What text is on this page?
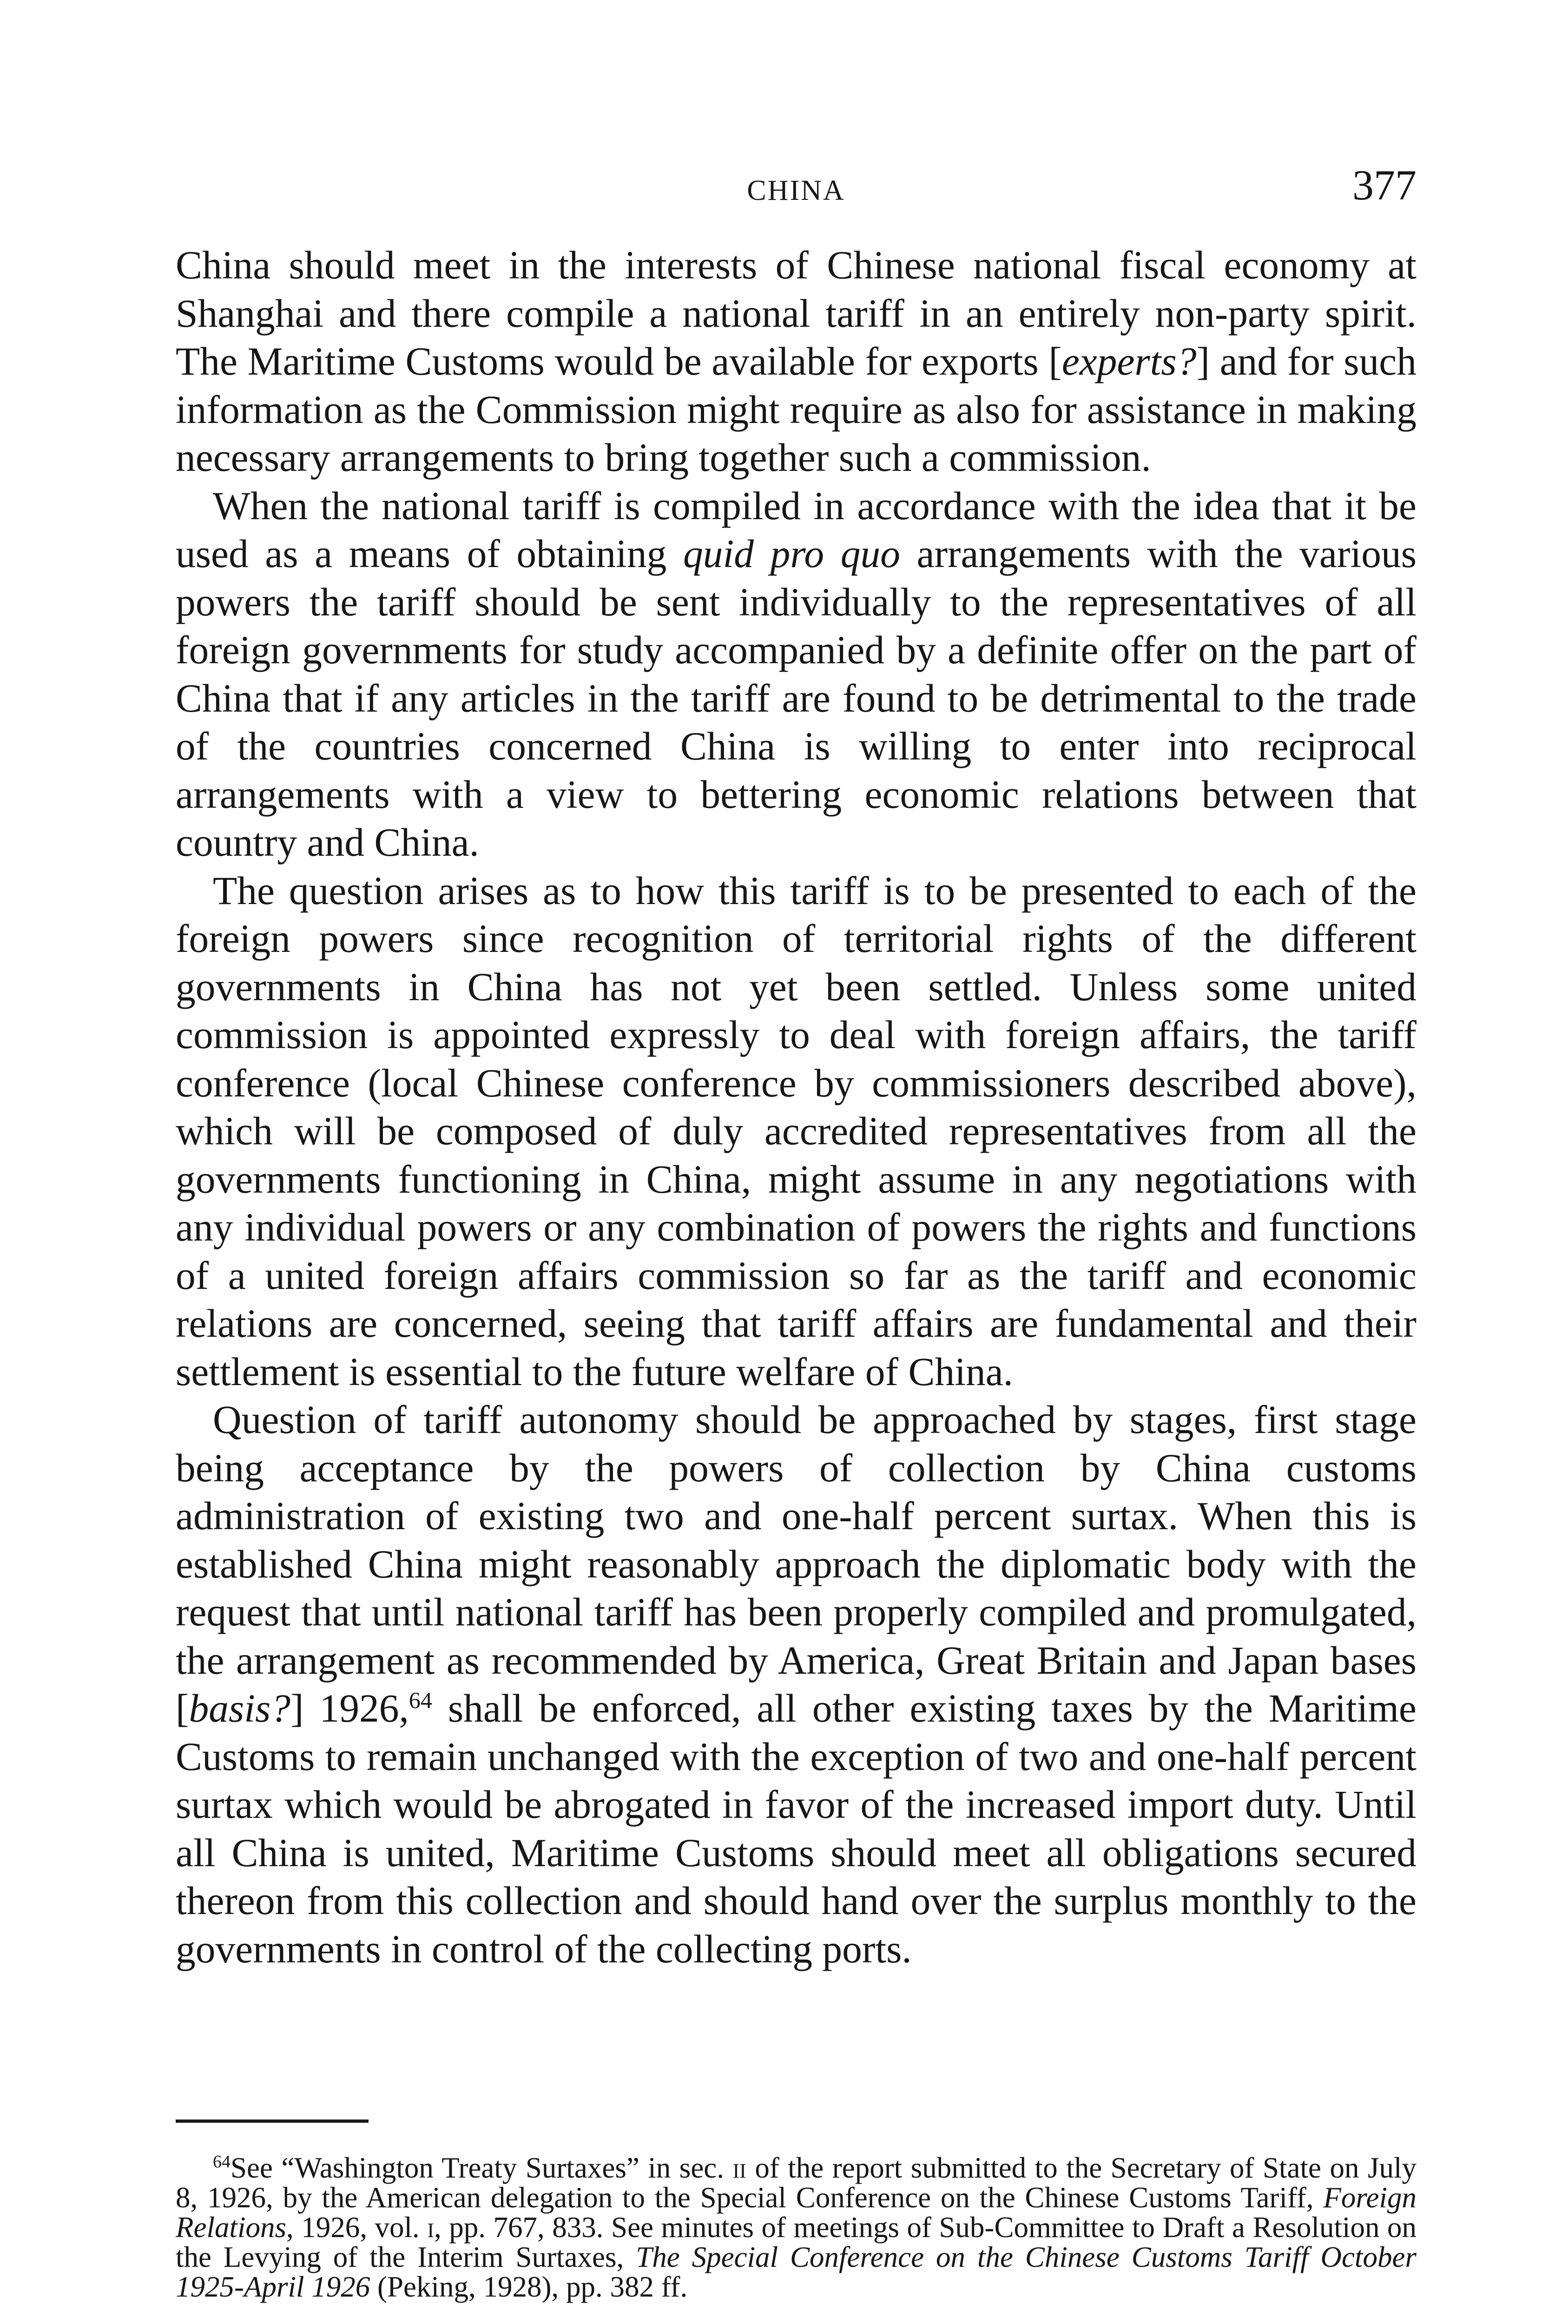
CHINA	377

China should meet in the interests of Chinese national fiscal economy at Shanghai and there compile a national tariff in an entirely non-party spirit. The Maritime Customs would be available for exports [experts?] and for such information as the Commission might require as also for assistance in making necessary arrangements to bring together such a commission.

When the national tariff is compiled in accordance with the idea that it be used as a means of obtaining quid pro quo arrangements with the various powers the tariff should be sent individually to the representatives of all foreign governments for study accompanied by a definite offer on the part of China that if any articles in the tariff are found to be detrimental to the trade of the countries concerned China is willing to enter into reciprocal arrangements with a view to bettering economic relations between that country and China.

The question arises as to how this tariff is to be presented to each of the foreign powers since recognition of territorial rights of the different governments in China has not yet been settled. Unless some united commission is appointed expressly to deal with foreign affairs, the tariff conference (local Chinese conference by commissioners described above), which will be composed of duly accredited representatives from all the governments functioning in China, might assume in any negotiations with any individual powers or any combination of powers the rights and functions of a united foreign affairs commission so far as the tariff and economic relations are concerned, seeing that tariff affairs are fundamental and their settlement is essential to the future welfare of China.

Question of tariff autonomy should be approached by stages, first stage being acceptance by the powers of collection by China customs administration of existing two and one-half percent surtax. When this is established China might reasonably approach the diplomatic body with the request that until national tariff has been properly compiled and promulgated, the arrangement as recommended by America, Great Britain and Japan bases [basis?] 1926,64 shall be enforced, all other existing taxes by the Maritime Customs to remain unchanged with the exception of two and one-half percent surtax which would be abrogated in favor of the increased import duty. Until all China is united, Maritime Customs should meet all obligations secured thereon from this collection and should hand over the surplus monthly to the governments in control of the collecting ports.

$^{64}$See “Washington Treaty Surtaxes” in sec. ii of the report submitted to the Secretary of State on July 8, 1926, by the American delegation to the Special Conference on the Chinese Customs Tariff, Foreign Relations, 1926, vol. i, pp. 767, 833. See minutes of meetings of Sub-Committee to Draft a Resolution on the Levying of the Interim Surtaxes, The Special Conference on the Chinese Customs Tariff October 1925-April 1926 (Peking, 1928), pp. 382 ff.
